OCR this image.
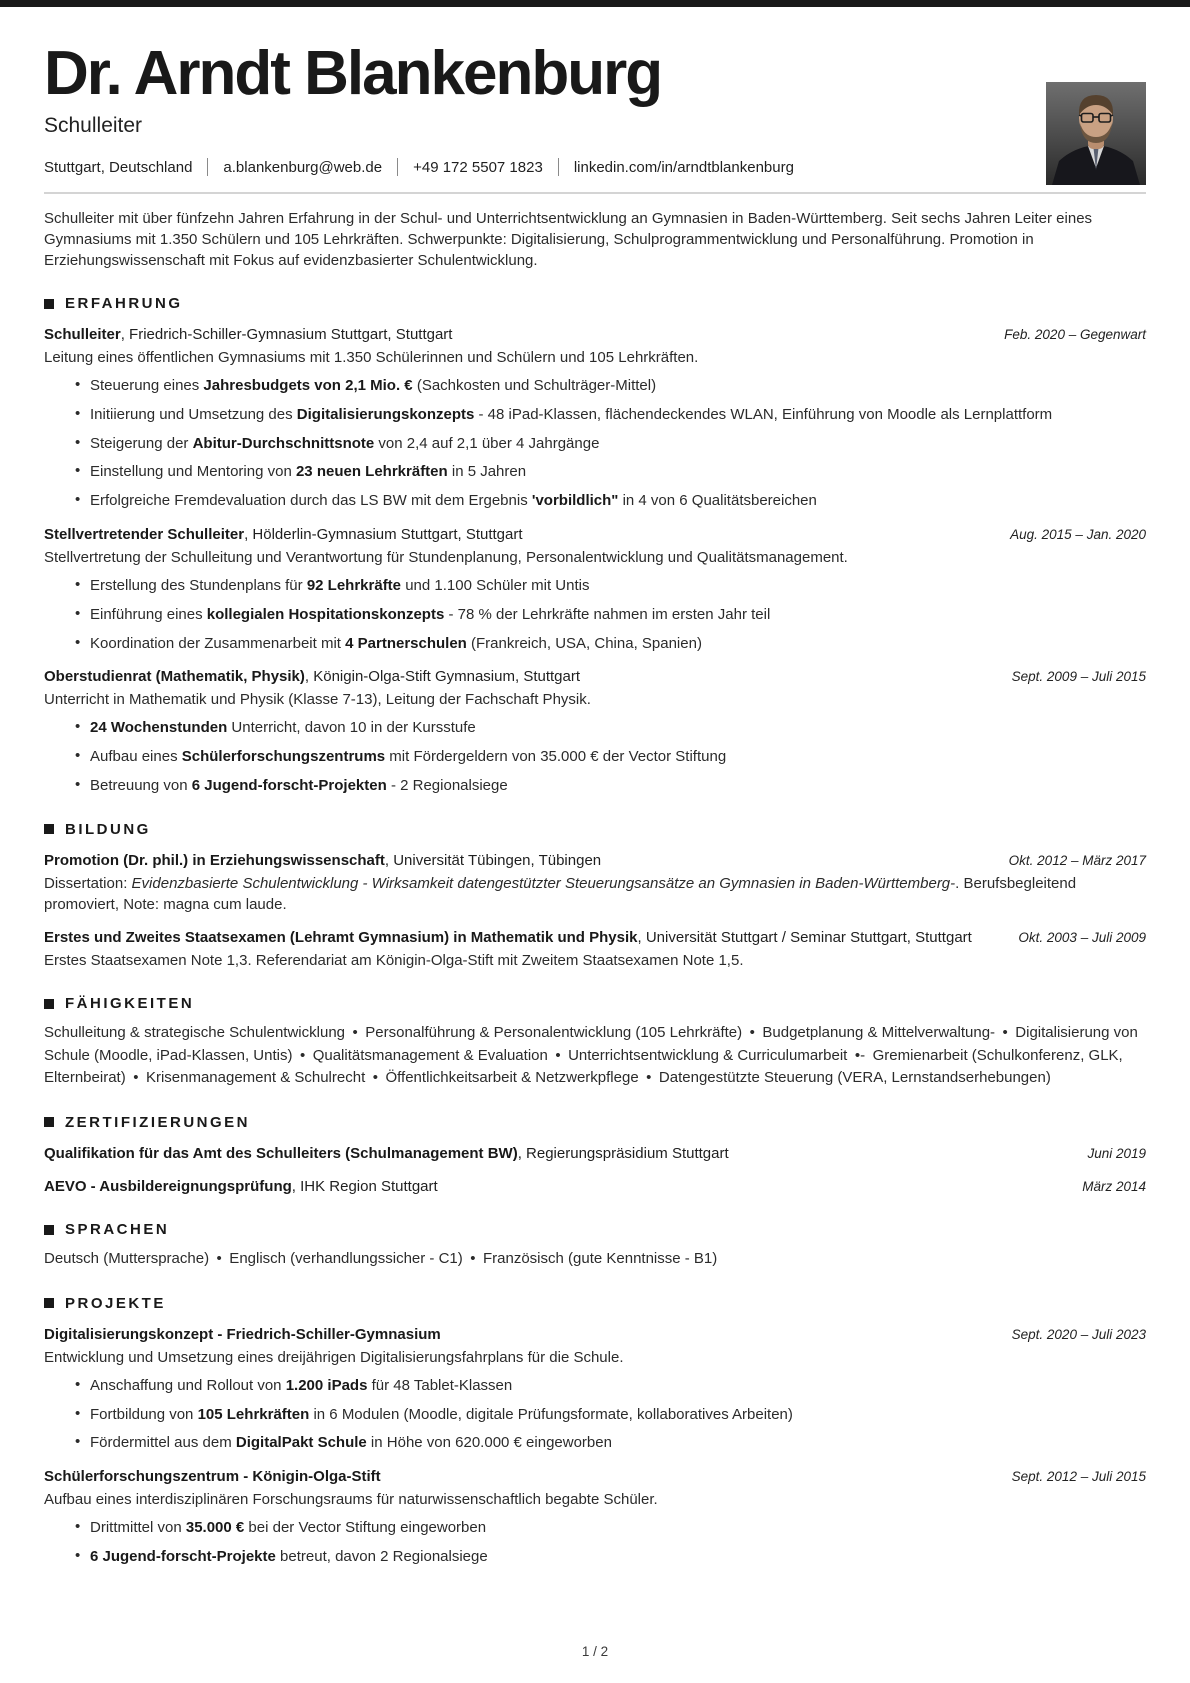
Dr. Arndt Blankenburg

Schulleiter

Stuttgart, Deutschland a.blankenburg@web.de +49 172 5507 1823 linkedin.com/in/arndtblankenburg

Schulleiter mit über fünfzehn Jahren Erfahrung in der Schul- und Unterrichtsentwicklung an Gymnasien in Baden-Württemberg. Seit sechs Jahren Leiter eines Gymnasiums mit 1.350 Schülern und 105 Lehrkräften. Schwerpunkte: Digitalisierung, Schulprogrammentwicklung und Personalführung. Promotion in Erziehungswissenschaft mit Fokus auf evidenzbasierter Schulentwicklung.

ERFAHRUNG

Feb. 2020 – Gegenwart
Schulleiter, Friedrich-Schiller-Gymnasium Stuttgart, Stuttgart

Leitung eines öffentlichen Gymnasiums mit 1.350 Schülerinnen und Schülern und 105 Lehrkräften.

• Steuerung eines Jahresbudgets von 2,1 Mio. € (Sachkosten und Schulträger-Mittel)
• Initiierung und Umsetzung des Digitalisierungskonzepts - 48 iPad-Klassen, flächendeckendes WLAN, Einführung von Moodle als Lernplattform
• Steigerung der Abitur-Durchschnittsnote von 2,4 auf 2,1 über 4 Jahrgänge
• Einstellung und Mentoring von 23 neuen Lehrkräften in 5 Jahren
• Erfolgreiche Fremdevaluation durch das LS BW mit dem Ergebnis 'vorbildlich" in 4 von 6 Qualitätsbereichen

Aug. 2015 – Jan. 2020
Stellvertretender Schulleiter, Hölderlin-Gymnasium Stuttgart, Stuttgart

Stellvertretung der Schulleitung und Verantwortung für Stundenplanung, Personalentwicklung und Qualitätsmanagement.

• Erstellung des Stundenplans für 92 Lehrkräfte und 1.100 Schüler mit Untis
• Einführung eines kollegialen Hospitationskonzepts - 78 % der Lehrkräfte nahmen im ersten Jahr teil
• Koordination der Zusammenarbeit mit 4 Partnerschulen (Frankreich, USA, China, Spanien)

Sept. 2009 – Juli 2015
Oberstudienrat (Mathematik, Physik), Königin-Olga-Stift Gymnasium, Stuttgart

Unterricht in Mathematik und Physik (Klasse 7-13), Leitung der Fachschaft Physik.

• 24 Wochenstunden Unterricht, davon 10 in der Kursstufe
• Aufbau eines Schülerforschungszentrums mit Fördergeldern von 35.000 € der Vector Stiftung
• Betreuung von 6 Jugend-forscht-Projekten - 2 Regionalsiege
BILDUNG

Okt. 2012 – März 2017
Promotion (Dr. phil.) in Erziehungswissenschaft, Universität Tübingen, Tübingen

Dissertation: Evidenzbasierte Schulentwicklung - Wirksamkeit datengestützter Steuerungsansätze an Gymnasien in Baden-Württemberg-. Berufsbegleitend promoviert, Note: magna cum laude.

Okt. 2003 – Juli 2009
Erstes und Zweites Staatsexamen (Lehramt Gymnasium) in Mathematik und Physik, Universität Stuttgart / Seminar Stuttgart, Stuttgart

Erstes Staatsexamen Note 1,3. Referendariat am Königin-Olga-Stift mit Zweitem Staatsexamen Note 1,5.

FÄHIGKEITEN

Schulleitung & strategische Schulentwicklung • Personalführung & Personalentwicklung (105 Lehrkräfte) • Budgetplanung & Mittelverwaltung- • Digitalisierung von Schule (Moodle, iPad-Klassen, Untis) • Qualitätsmanagement & Evaluation • Unterrichtsentwicklung & Curriculumarbeit •- Gremienarbeit (Schulkonferenz, GLK, Elternbeirat) • Krisenmanagement & Schulrecht • Öffentlichkeitsarbeit & Netzwerkpflege • Datengestützte Steuerung (VERA, Lernstandserhebungen)

ZERTIFIZIERUNGEN

Juni 2019
Qualifikation für das Amt des Schulleiters (Schulmanagement BW), Regierungspräsidium Stuttgart

März 2014
AEVO - Ausbildereignungsprüfung, IHK Region Stuttgart

SPRACHEN

Deutsch (Muttersprache) • Englisch (verhandlungssicher - C1) • Französisch (gute Kenntnisse - B1)

PROJEKTE

Sept. 2020 – Juli 2023
Digitalisierungskonzept - Friedrich-Schiller-Gymnasium

Entwicklung und Umsetzung eines dreijährigen Digitalisierungsfahrplans für die Schule.

• Anschaffung und Rollout von 1.200 iPads für 48 Tablet-Klassen
• Fortbildung von 105 Lehrkräften in 6 Modulen (Moodle, digitale Prüfungsformate, kollaboratives Arbeiten)
• Fördermittel aus dem DigitalPakt Schule in Höhe von 620.000 € eingeworben

Sept. 2012 – Juli 2015
Schülerforschungszentrum - Königin-Olga-Stift

Aufbau eines interdisziplinären Forschungsraums für naturwissenschaftlich begabte Schüler.

• Drittmittel von 35.000 € bei der Vector Stiftung eingeworben
• 6 Jugend-forscht-Projekte betreut, davon 2 Regionalsiege
1 / 2
